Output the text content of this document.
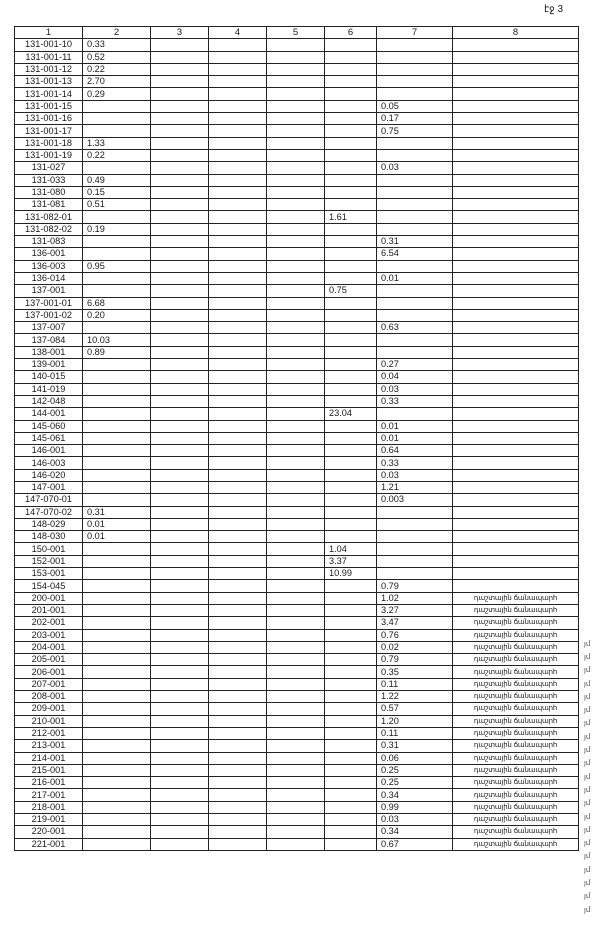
էջ 3
1	2	3	4	5	6	7	8
131-001-10	0.33						
131-001-11	0.52						
131-001-12	0.22						
131-001-13	2.70						
131-001-14	0.29						
131-001-15						0.05	
131-001-16						0.17	
131-001-17						0.75	
131-001-18	1.33						
131-001-19	0.22						
131-027						0.03	
131-033	0.49						
131-080	0.15						
131-081	0.51						
131-082-01					1.61		
131-082-02	0.19						
131-083						0.31	
136-001						6.54	
136-003	0.95						
136-014						0.01	
137-001					0.75		
137-001-01	6.68						
137-001-02	0.20						
137-007						0.63	
137-084	10.03						
138-001	0.89						
139-001						0.27	
140-015						0.04	
141-019						0.03	
142-048						0.33	
144-001					23.04		
145-060						0.01	
145-061						0.01	
146-001						0.64	
146-003						0.33	
146-020						0.03	
147-001						1.21	
147-070-01						0.003	
147-070-02	0.31						
148-029	0.01						
148-030	0.01						
150-001					1.04		
152-001					3.37		
153-001					10.99		
154-045						0.79	
200-001						1.02	դաշտային ճանապարհ
201-001						3.27	դաշտային ճանապարհ
202-001						3.47	դաշտային ճանապարհ
203-001						0.76	դաշտային ճանապարհ
204-001						0.02	դաշտային ճանապարհ
205-001						0.79	դաշտային ճանապարհ
206-001						0.35	դաշտային ճանապարհ
207-001						0.11	դաշտային ճանապարհ
208-001						1.22	դաշտային ճանապարհ
209-001						0.57	դաշտային ճանապարհ
210-001						1.20	դաշտային ճանապարհ
212-001						0.11	դաշտային ճանապարհ
213-001						0.31	դաշտային ճանապարհ
214-001						0.06	դաշտային ճանապարհ
215-001						0.25	դաշտային ճանապարհ
216-001						0.25	դաշտային ճանապարհ
217-001						0.34	դաշտային ճանապարհ
218-001						0.99	դաշտային ճանապարհ
219-001						0.03	դաշտային ճանապարհ
220-001						0.34	դաշտային ճանապարհ
221-001						0.67	դաշտային ճանապարհ
յմ
յմ
յմ
յմ
յմ
յմ
յմ
յմ
յմ
յմ
յմ
յմ
յմ
յմ
յմ
յմ
յմ
յմ
յմ
յմ
յմ
